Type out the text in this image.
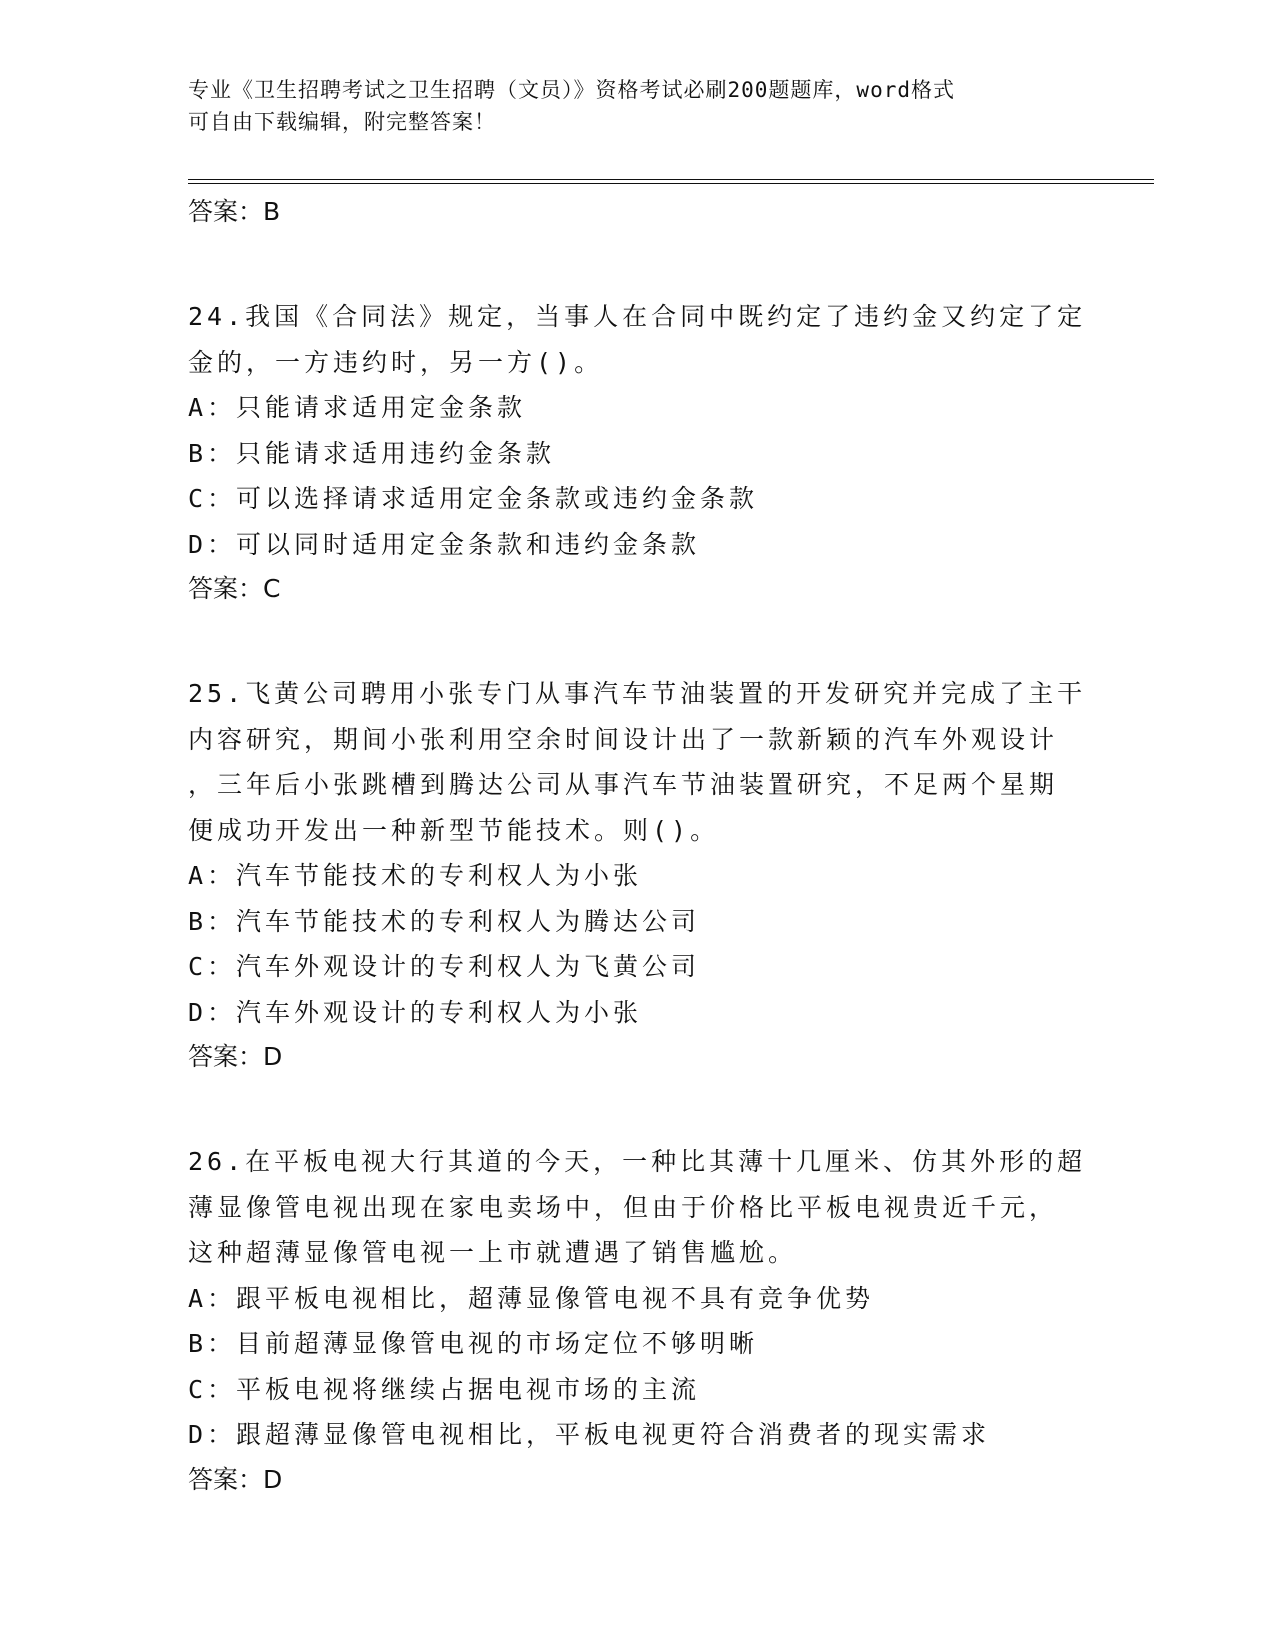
专业《卫生招聘考试之卫生招聘（文员）》资格考试必刷200题题库，word格式
可自由下载编辑，附完整答案！
答案：B
24.我国《合同法》规定，当事人在合同中既约定了违约金又约定了定
金的，一方违约时，另一方()。
A：只能请求适用定金条款
B：只能请求适用违约金条款
C：可以选择请求适用定金条款或违约金条款
D：可以同时适用定金条款和违约金条款
答案：C
25.飞黄公司聘用小张专门从事汽车节油装置的开发研究并完成了主干
内容研究，期间小张利用空余时间设计出了一款新颖的汽车外观设计
，三年后小张跳槽到腾达公司从事汽车节油装置研究，不足两个星期
便成功开发出一种新型节能技术。则()。
A：汽车节能技术的专利权人为小张
B：汽车节能技术的专利权人为腾达公司
C：汽车外观设计的专利权人为飞黄公司
D：汽车外观设计的专利权人为小张
答案：D
26.在平板电视大行其道的今天，一种比其薄十几厘米、仿其外形的超
薄显像管电视出现在家电卖场中，但由于价格比平板电视贵近千元，
这种超薄显像管电视一上市就遭遇了销售尴尬。
A：跟平板电视相比，超薄显像管电视不具有竞争优势
B：目前超薄显像管电视的市场定位不够明晰
C：平板电视将继续占据电视市场的主流
D：跟超薄显像管电视相比，平板电视更符合消费者的现实需求
答案：D
